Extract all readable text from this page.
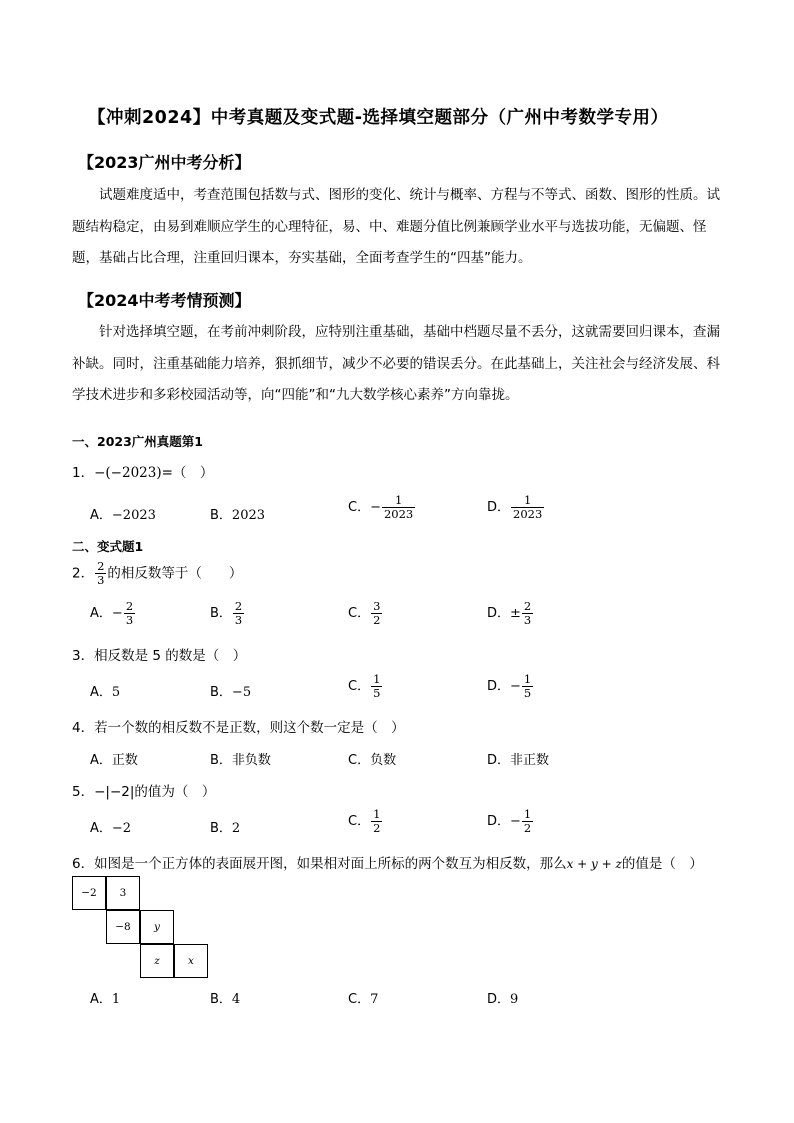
【冲刺2024】中考真题及变式题-选择填空题部分（广州中考数学专用）
【2023广州中考分析】
试题难度适中，考查范围包括数与式、图形的变化、统计与概率、方程与不等式、函数、图形的性质。试题结构稳定，由易到难顺应学生的心理特征，易、中、难题分值比例兼顾学业水平与选拔功能，无偏题、怪题，基础占比合理，注重回归课本，夯实基础，全面考查学生的“四基”能力。
【2024中考考情预测】
针对选择填空题，在考前冲刺阶段，应特别注重基础，基础中档题尽量不丢分，这就需要回归课本，查漏补缺。同时，注重基础能力培养，狠抓细节，减少不必要的错误丢分。在此基础上，关注社会与经济发展、科学技术进步和多彩校园活动等，向“四能”和“九大数学核心素养”方向靠拢。
一、2023广州真题第1
1．−(−2023)=（　）
A．−2023	B．2023
C．− $\frac{1}{2023}$	D． $\frac{1}{2023}$
二、变式题1
2． $\frac{2}{3}$ 的相反数等于（　　）
A．− $\frac{2}{3}$	B． $\frac{2}{3}$	C． $\frac{3}{2}$	D．± $\frac{2}{3}$
3．相反数是 5 的数是（　）
A．5	B．−5	C． $\frac{1}{5}$	D．− $\frac{1}{5}$
4．若一个数的相反数不是正数，则这个数一定是（　）
A．正数	B．非负数	C．负数	D．非正数
5．−|−2|的值为（　）
A．−2	B．2	C． $\frac{1}{2}$	D．− $\frac{1}{2}$
6．如图是一个正方体的表面展开图，如果相对面上所标的两个数互为相反数，那么x + y + z的值是（　）
−2	3
−8	y
z	x
A．1	B．4	C．7	D．9
